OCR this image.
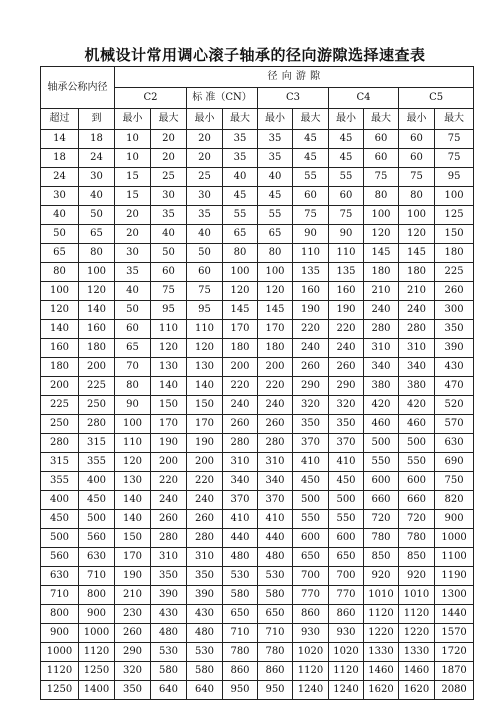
机械设计常用调心滚子轴承的径向游隙选择速查表
轴承公称内径		径 向 游 隙									
		C2		标 准（CN）		C3		C4		C5	
超过	到	最小	最大	最小	最大	最小	最大	最小	最大	最小	最大
14	18	10	20	20	35	35	45	45	60	60	75
18	24	10	20	20	35	35	45	45	60	60	75
24	30	15	25	25	40	40	55	55	75	75	95
30	40	15	30	30	45	45	60	60	80	80	100
40	50	20	35	35	55	55	75	75	100	100	125
50	65	20	40	40	65	65	90	90	120	120	150
65	80	30	50	50	80	80	110	110	145	145	180
80	100	35	60	60	100	100	135	135	180	180	225
100	120	40	75	75	120	120	160	160	210	210	260
120	140	50	95	95	145	145	190	190	240	240	300
140	160	60	110	110	170	170	220	220	280	280	350
160	180	65	120	120	180	180	240	240	310	310	390
180	200	70	130	130	200	200	260	260	340	340	430
200	225	80	140	140	220	220	290	290	380	380	470
225	250	90	150	150	240	240	320	320	420	420	520
250	280	100	170	170	260	260	350	350	460	460	570
280	315	110	190	190	280	280	370	370	500	500	630
315	355	120	200	200	310	310	410	410	550	550	690
355	400	130	220	220	340	340	450	450	600	600	750
400	450	140	240	240	370	370	500	500	660	660	820
450	500	140	260	260	410	410	550	550	720	720	900
500	560	150	280	280	440	440	600	600	780	780	1000
560	630	170	310	310	480	480	650	650	850	850	1100
630	710	190	350	350	530	530	700	700	920	920	1190
710	800	210	390	390	580	580	770	770	1010	1010	1300
800	900	230	430	430	650	650	860	860	1120	1120	1440
900	1000	260	480	480	710	710	930	930	1220	1220	1570
1000	1120	290	530	530	780	780	1020	1020	1330	1330	1720
1120	1250	320	580	580	860	860	1120	1120	1460	1460	1870
1250	1400	350	640	640	950	950	1240	1240	1620	1620	2080
